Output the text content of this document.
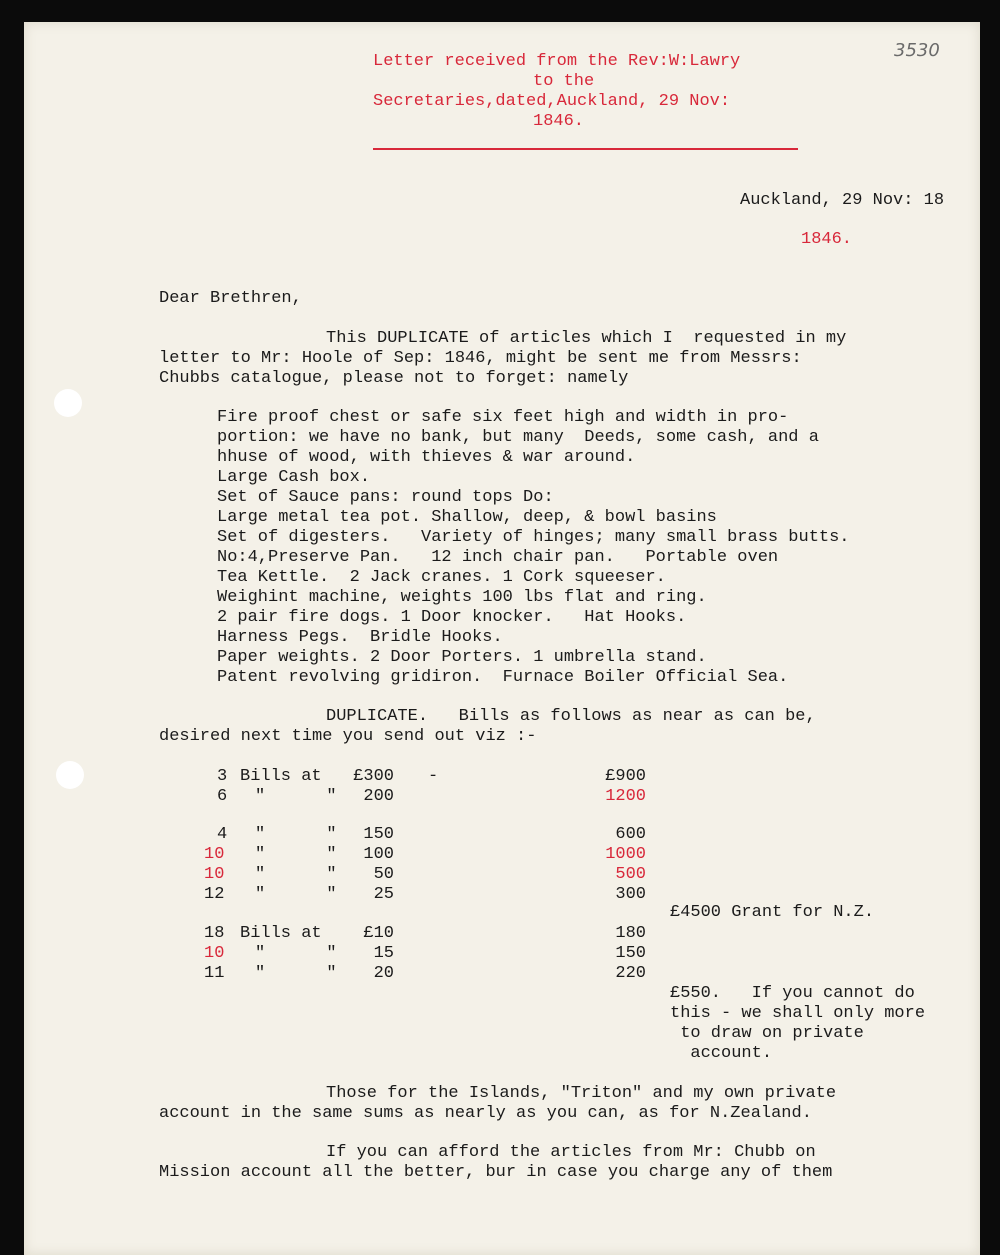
3530
Letter received from the Rev:W:Lawry
to the
Secretaries,dated,Auckland, 29 Nov:
1846.
Auckland, 29 Nov: 18
1846.
Dear Brethren,
This DUPLICATE of articles which I  requested in my
letter to Mr: Hoole of Sep: 1846, might be sent me from Messrs:
Chubbs catalogue, please not to forget: namely
Fire proof chest or safe six feet high and width in pro-
portion: we have no bank, but many  Deeds, some cash, and a
hhuse of wood, with thieves & war around.
Large Cash box.
Set of Sauce pans: round tops Do:
Large metal tea pot. Shallow, deep, & bowl basins
Set of digesters.   Variety of hinges; many small brass butts.
No:4,Preserve Pan.   12 inch chair pan.   Portable oven
Tea Kettle.  2 Jack cranes. 1 Cork squeeser.
Weighint machine, weights 100 lbs flat and ring.
2 pair fire dogs. 1 Door knocker.   Hat Hooks.
Harness Pegs.  Bridle Hooks.
Paper weights. 2 Door Porters. 1 umbrella stand.
Patent revolving gridiron.  Furnace Boiler Official Sea.
DUPLICATE.   Bills as follows as near as can be,
desired next time you send out viz :-
3 Bills at	£300 -	£900
6 "      "	200	1200
4 "      "	150	600
10 "      "	100	1000
10 "      "	50	500
12 "      "	25	300
18 Bills at	£10	180
10 "      "	15	150
11 "      "	20	220
£4500 Grant for N.Z.
£550.   If you cannot do
this - we shall only more
to draw on private
account.
Those for the Islands, "Triton" and my own private
account in the same sums as nearly as you can, as for N.Zealand.
If you can afford the articles from Mr: Chubb on
Mission account all the better, bur in case you charge any of them
